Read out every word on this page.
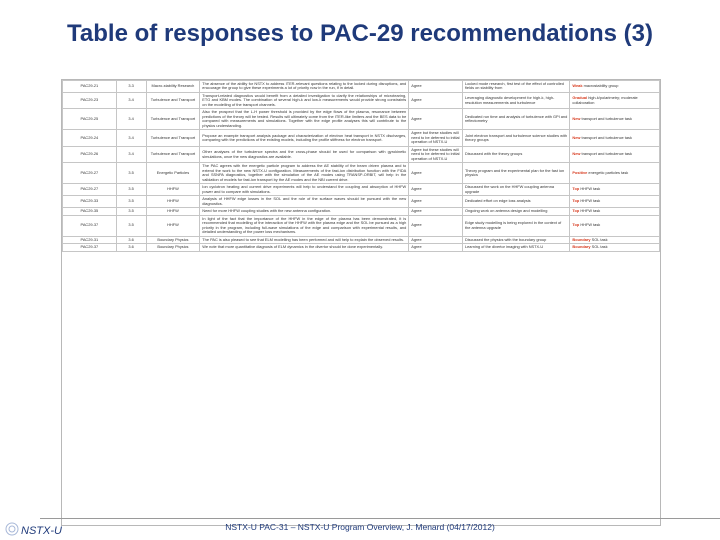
Table of responses to PAC-29 recommendations (3)
PAC29-21	3.3	Macro-stability Research	The absence of the ability for NSTX to address ITER-relevant questions relating to the locked during disruptions, and encourage the group to give these experiments a lot of priority now in the run, if in detail.	Agree	Locked mode research, first test of the effect of controlled fields on stability from	Weak macrostability group
PAC29-23	3.4	Turbulence and Transport	Transport-related diagnostics would benefit from a detailed investigation to clarify the relationships of microtearing, ETG and KBM modes. The combination of several high-k and low-k measurements would provide strong constraints on the modelling of the transport channels.	Agree	Leveraging diagnostic development for high-k, high-resolution measurements and turbulence	Gradual high-k/polarimetry; moderate collaboration
PAC29-25	3.4	Turbulence and Transport	Also the prospect that the L-H power threshold is provided by the edge flows of the plasma, resonance between predictions of the theory will be tested. Results will ultimately come from the ITER-like limiters and the BES data to be compared with measurements and simulations. Together with the edge profile analyses this will contribute to the physics understanding.	Agree	Dedicated run time and analysis of turbulence with GPI and reflectometry	New transport and turbulence task
PAC29-24	3.4	Turbulence and Transport	Propose an example transport analysis package and characterization of electron heat transport in NSTX discharges, comparing with the predictions of the existing models, including the profile stiffness for electron transport.	Agree but these studies will need to be deferred to initial operation of NSTX-U	Joint electron transport and turbulence science studies with theory groups	New transport and turbulence task
PAC29-26	3.4	Turbulence and Transport	Other analyses of the turbulence spectra and the cross-phase should be used for comparison with gyrokinetic simulations, once the new diagnostics are available.	Agree but these studies will need to be deferred to initial operation of NSTX-U	Discussed with the theory groups	New transport and turbulence task
PAC29-27	3.5	Energetic Particles	The PAC agrees with the energetic particle program to address the AE stability of the beam driven plasma and to extend the work to the new NSTX-U configuration. Measurements of the fast-ion distribution function with the FIDA and SSNPA diagnostics, together with the simulation of the AE modes using TRANSP-ORBIT, will help in the validation of models for fast-ion transport by the AE modes and the NBI current drive.	Agree	Theory program and the experimental plan for the fast ion physics	Positive energetic particles task
PAC29-27	3.5	HHFW	Ion cyclotron heating and current drive experiments will help to understand the coupling and absorption of HHFW power and to compare with simulations.	Agree	Discussed the work on the HHFW coupling antenna upgrade	Top HHFW task
PAC29-33	3.5	HHFW	Analysis of HHFW edge losses in the SOL and the role of the surface waves should be pursued with the new diagnostics.	Agree	Dedicated effort on edge loss analysis	Top HHFW task
PAC29-35	3.5	HHFW	Need for more HHFW coupling studies with the new antenna configuration.	Agree	Ongoing work on antenna design and modelling	Top HHFW task
PAC29-37	3.5	HHFW	In light of the fact that the importance of the HHFW in the edge of the plasma has been demonstrated, it is recommended that modelling of the interaction of the HHFW with the plasma edge and the SOL be pursued as a high priority in the program, including full-wave simulations of the edge and comparison with experimental results, and detailed understanding of the power loss mechanisms.	Agree	Edge study modelling is being explored in the context of the antenna upgrade	Top HHFW task
PAC29-31	3.6	Boundary Physics	The PAC is also pleased to see that ELM modelling has been performed and will help to explain the observed results.	Agree	Discussed the physics with the boundary group	Boundary SOL task
PAC29-37	3.6	Boundary Physics	We note that more quantitative diagnosis of ELM dynamics in the divertor should be done experimentally.	Agree	Learning of the divertor imaging with NSTX-U	Boundary SOL task
NSTX-U	NSTX-U PAC-31 – NSTX-U Program Overview, J. Menard (04/17/2012)
